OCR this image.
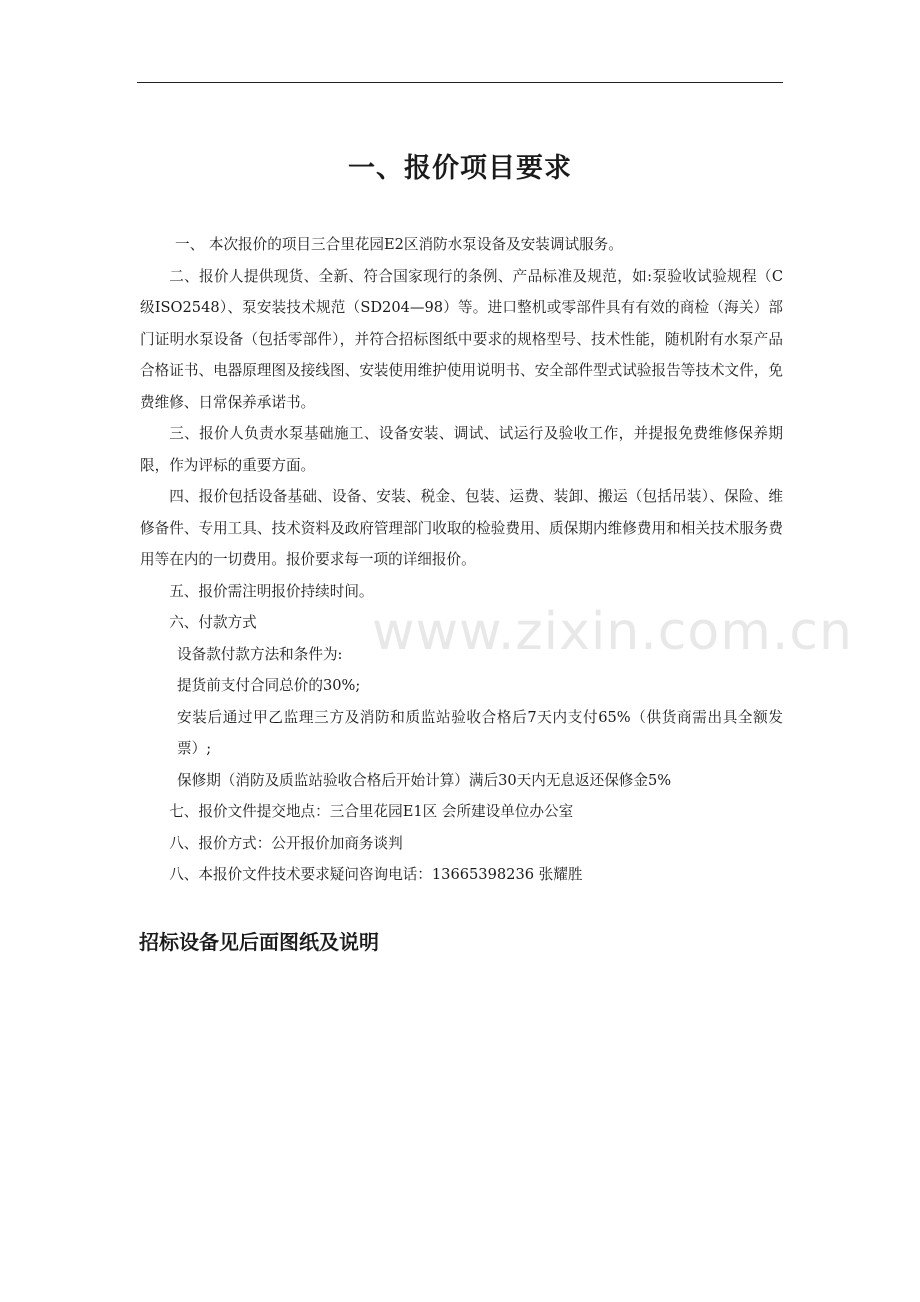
一、报价项目要求

一、 本次报价的项目三合里花园E2区消防水泵设备及安装调试服务。

二、报价人提供现货、全新、符合国家现行的条例、产品标准及规范，如:泵验收试验规程（C级ISO2548）、泵安装技术规范（SD204—98）等。进口整机或零部件具有有效的商检（海关）部门证明水泵设备（包括零部件），并符合招标图纸中要求的规格型号、技术性能，随机附有水泵产品合格证书、电器原理图及接线图、安装使用维护使用说明书、安全部件型式试验报告等技术文件，免费维修、日常保养承诺书。

三、报价人负责水泵基础施工、设备安装、调试、试运行及验收工作，并提报免费维修保养期限，作为评标的重要方面。

四、报价包括设备基础、设备、安装、税金、包装、运费、装卸、搬运（包括吊装）、保险、维修备件、专用工具、技术资料及政府管理部门收取的检验费用、质保期内维修费用和相关技术服务费用等在内的一切费用。报价要求每一项的详细报价。

五、报价需注明报价持续时间。

六、付款方式

设备款付款方法和条件为:

提货前支付合同总价的30%;

安装后通过甲乙监理三方及消防和质监站验收合格后7天内支付65%（供货商需出具全额发票）;

保修期（消防及质监站验收合格后开始计算）满后30天内无息返还保修金5%

七、报价文件提交地点：三合里花园E1区 会所建设单位办公室

八、报价方式：公开报价加商务谈判

八、本报价文件技术要求疑问咨询电话：13665398236 张耀胜

www.zixin.com.cn
招标设备见后面图纸及说明
